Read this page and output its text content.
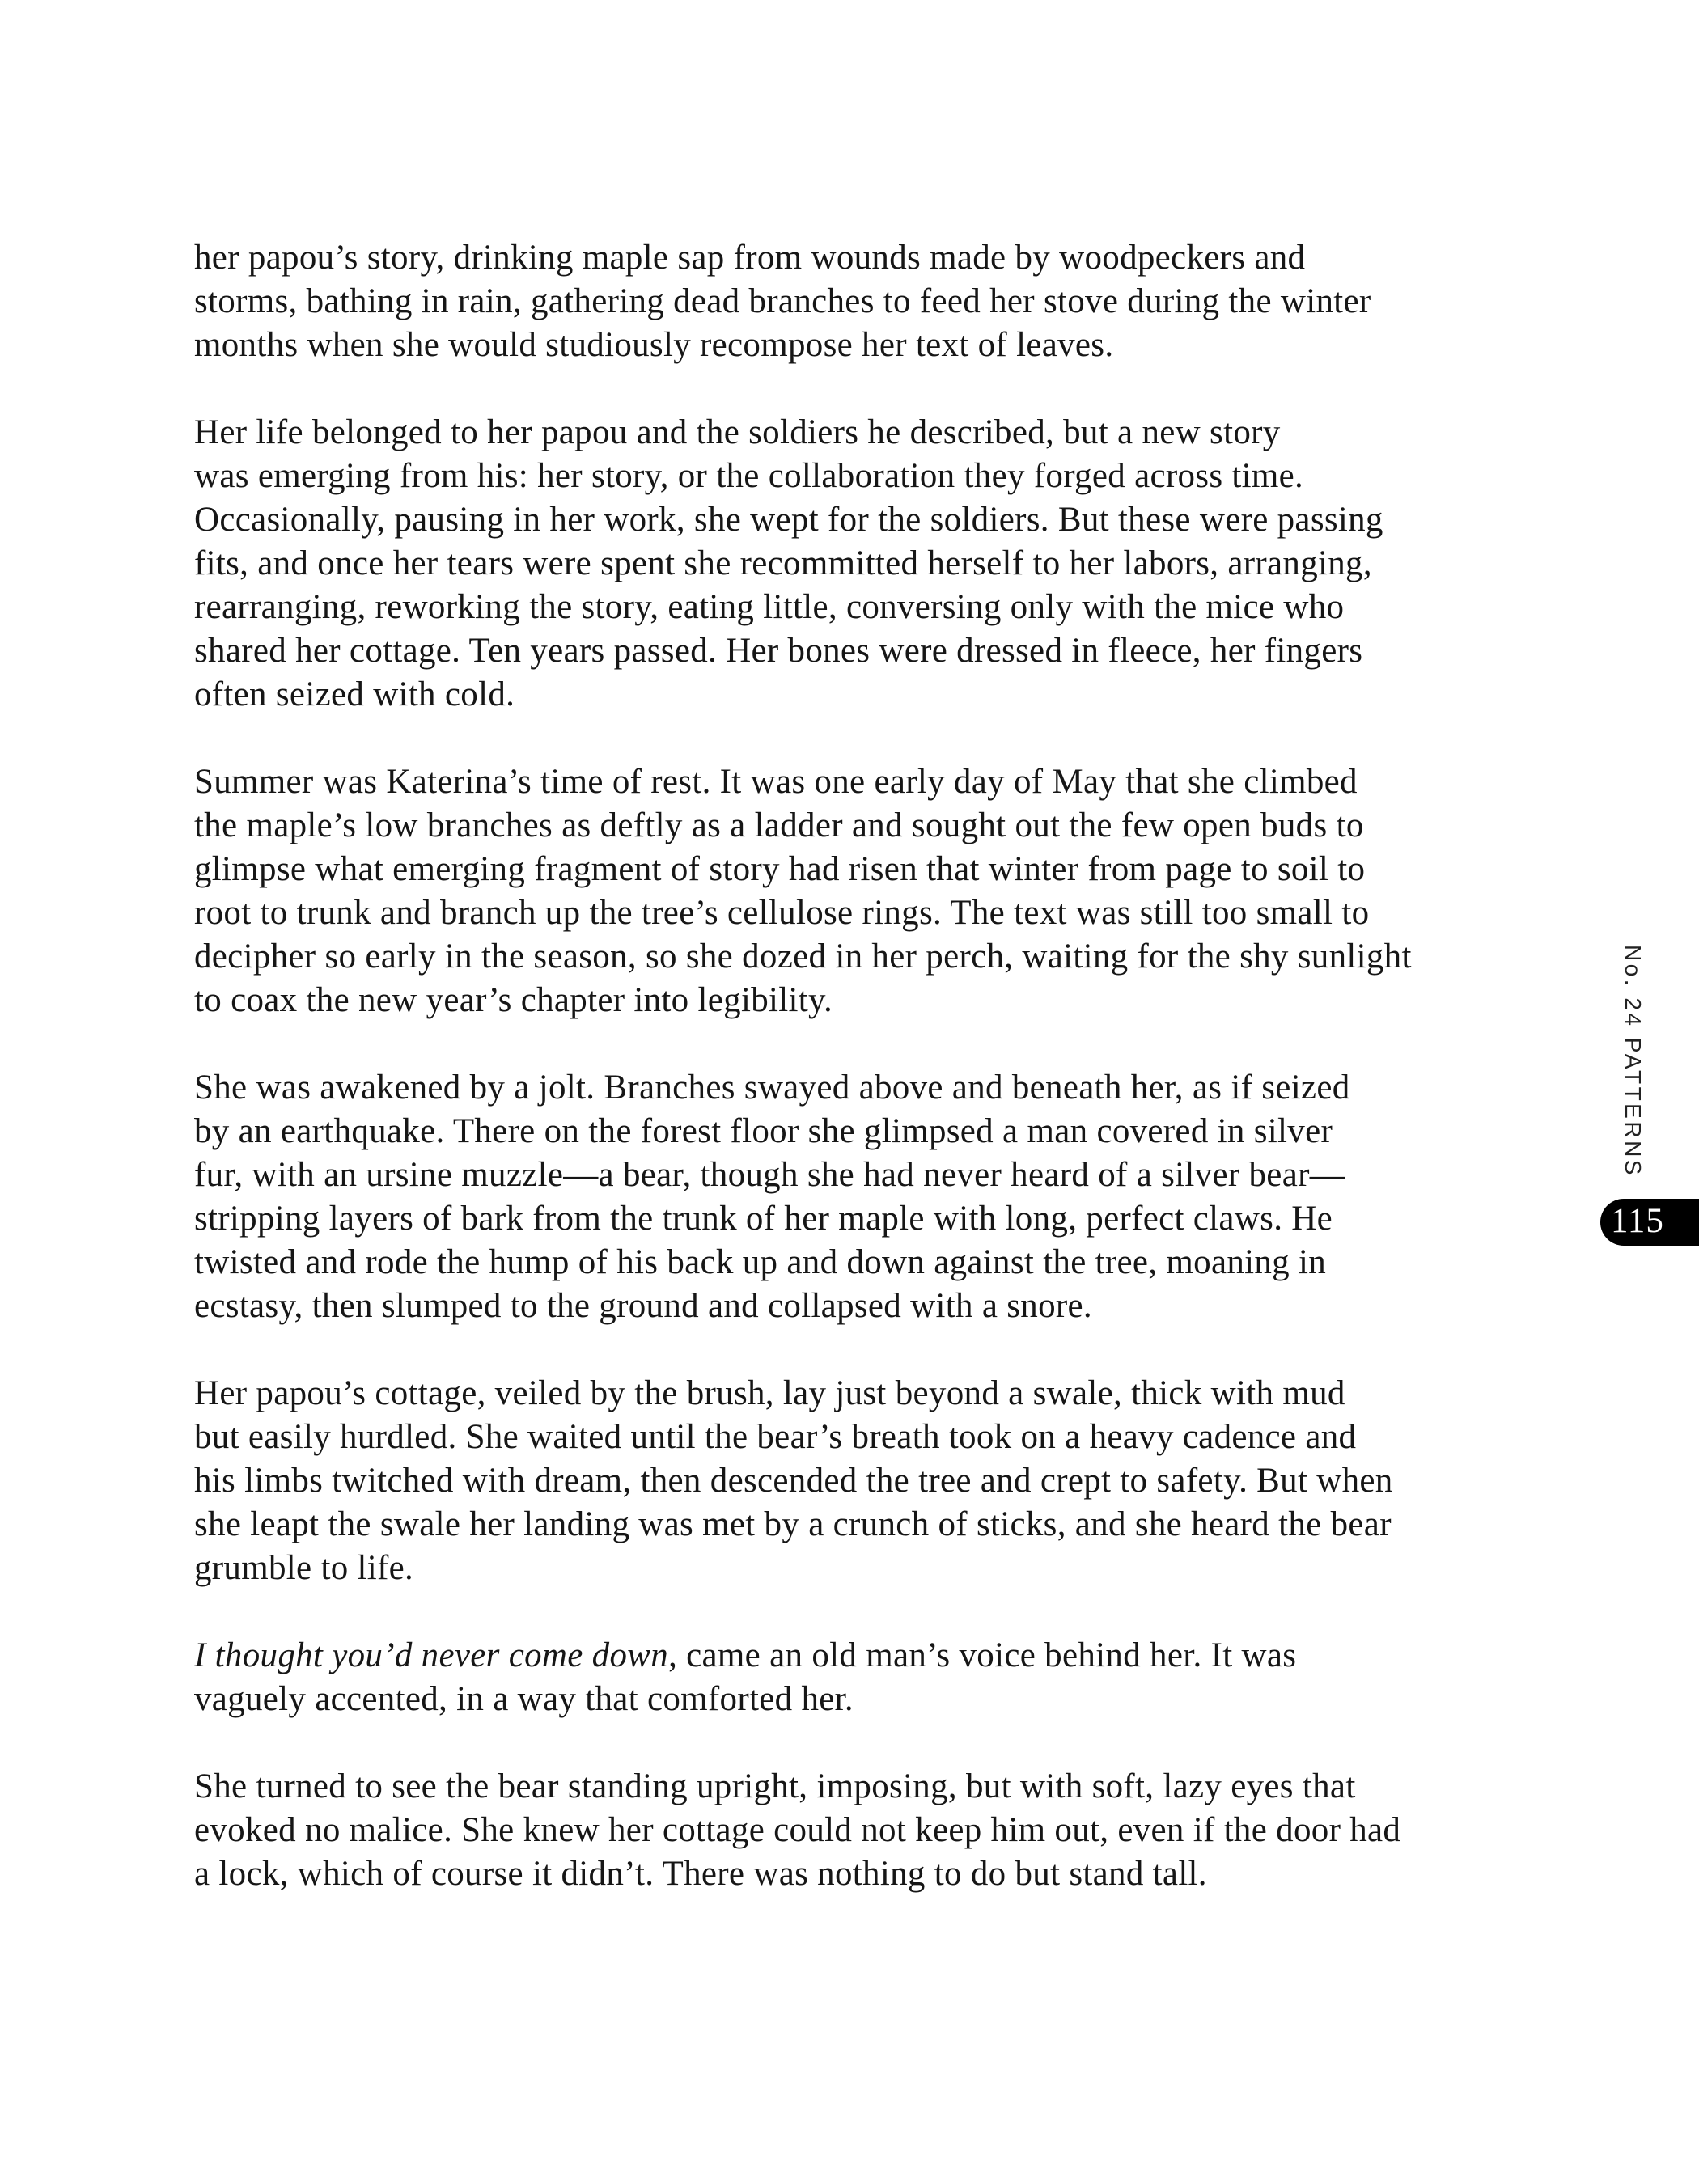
her papou’s story, drinking maple sap from wounds made by woodpeckers and
storms, bathing in rain, gathering dead branches to feed her stove during the winter
months when she would studiously recompose her text of leaves.
Her life belonged to her papou and the soldiers he described, but a new story
was emerging from his: her story, or the collaboration they forged across time.
Occasionally, pausing in her work, she wept for the soldiers. But these were passing
fits, and once her tears were spent she recommitted herself to her labors, arranging,
rearranging, reworking the story, eating little, conversing only with the mice who
shared her cottage. Ten years passed. Her bones were dressed in fleece, her fingers
often seized with cold.
Summer was Katerina’s time of rest. It was one early day of May that she climbed
the maple’s low branches as deftly as a ladder and sought out the few open buds to
glimpse what emerging fragment of story had risen that winter from page to soil to
root to trunk and branch up the tree’s cellulose rings. The text was still too small to
decipher so early in the season, so she dozed in her perch, waiting for the shy sunlight
to coax the new year’s chapter into legibility.
She was awakened by a jolt. Branches swayed above and beneath her, as if seized
by an earthquake. There on the forest floor she glimpsed a man covered in silver
fur, with an ursine muzzle—a bear, though she had never heard of a silver bear—
stripping layers of bark from the trunk of her maple with long, perfect claws. He
twisted and rode the hump of his back up and down against the tree, moaning in
ecstasy, then slumped to the ground and collapsed with a snore.
Her papou’s cottage, veiled by the brush, lay just beyond a swale, thick with mud
but easily hurdled. She waited until the bear’s breath took on a heavy cadence and
his limbs twitched with dream, then descended the tree and crept to safety. But when
she leapt the swale her landing was met by a crunch of sticks, and she heard the bear
grumble to life.
I thought you’d never come down, came an old man’s voice behind her. It was
vaguely accented, in a way that comforted her.
She turned to see the bear standing upright, imposing, but with soft, lazy eyes that
evoked no malice. She knew her cottage could not keep him out, even if the door had
a lock, which of course it didn’t. There was nothing to do but stand tall.
No. 24 PATTERNS
115
